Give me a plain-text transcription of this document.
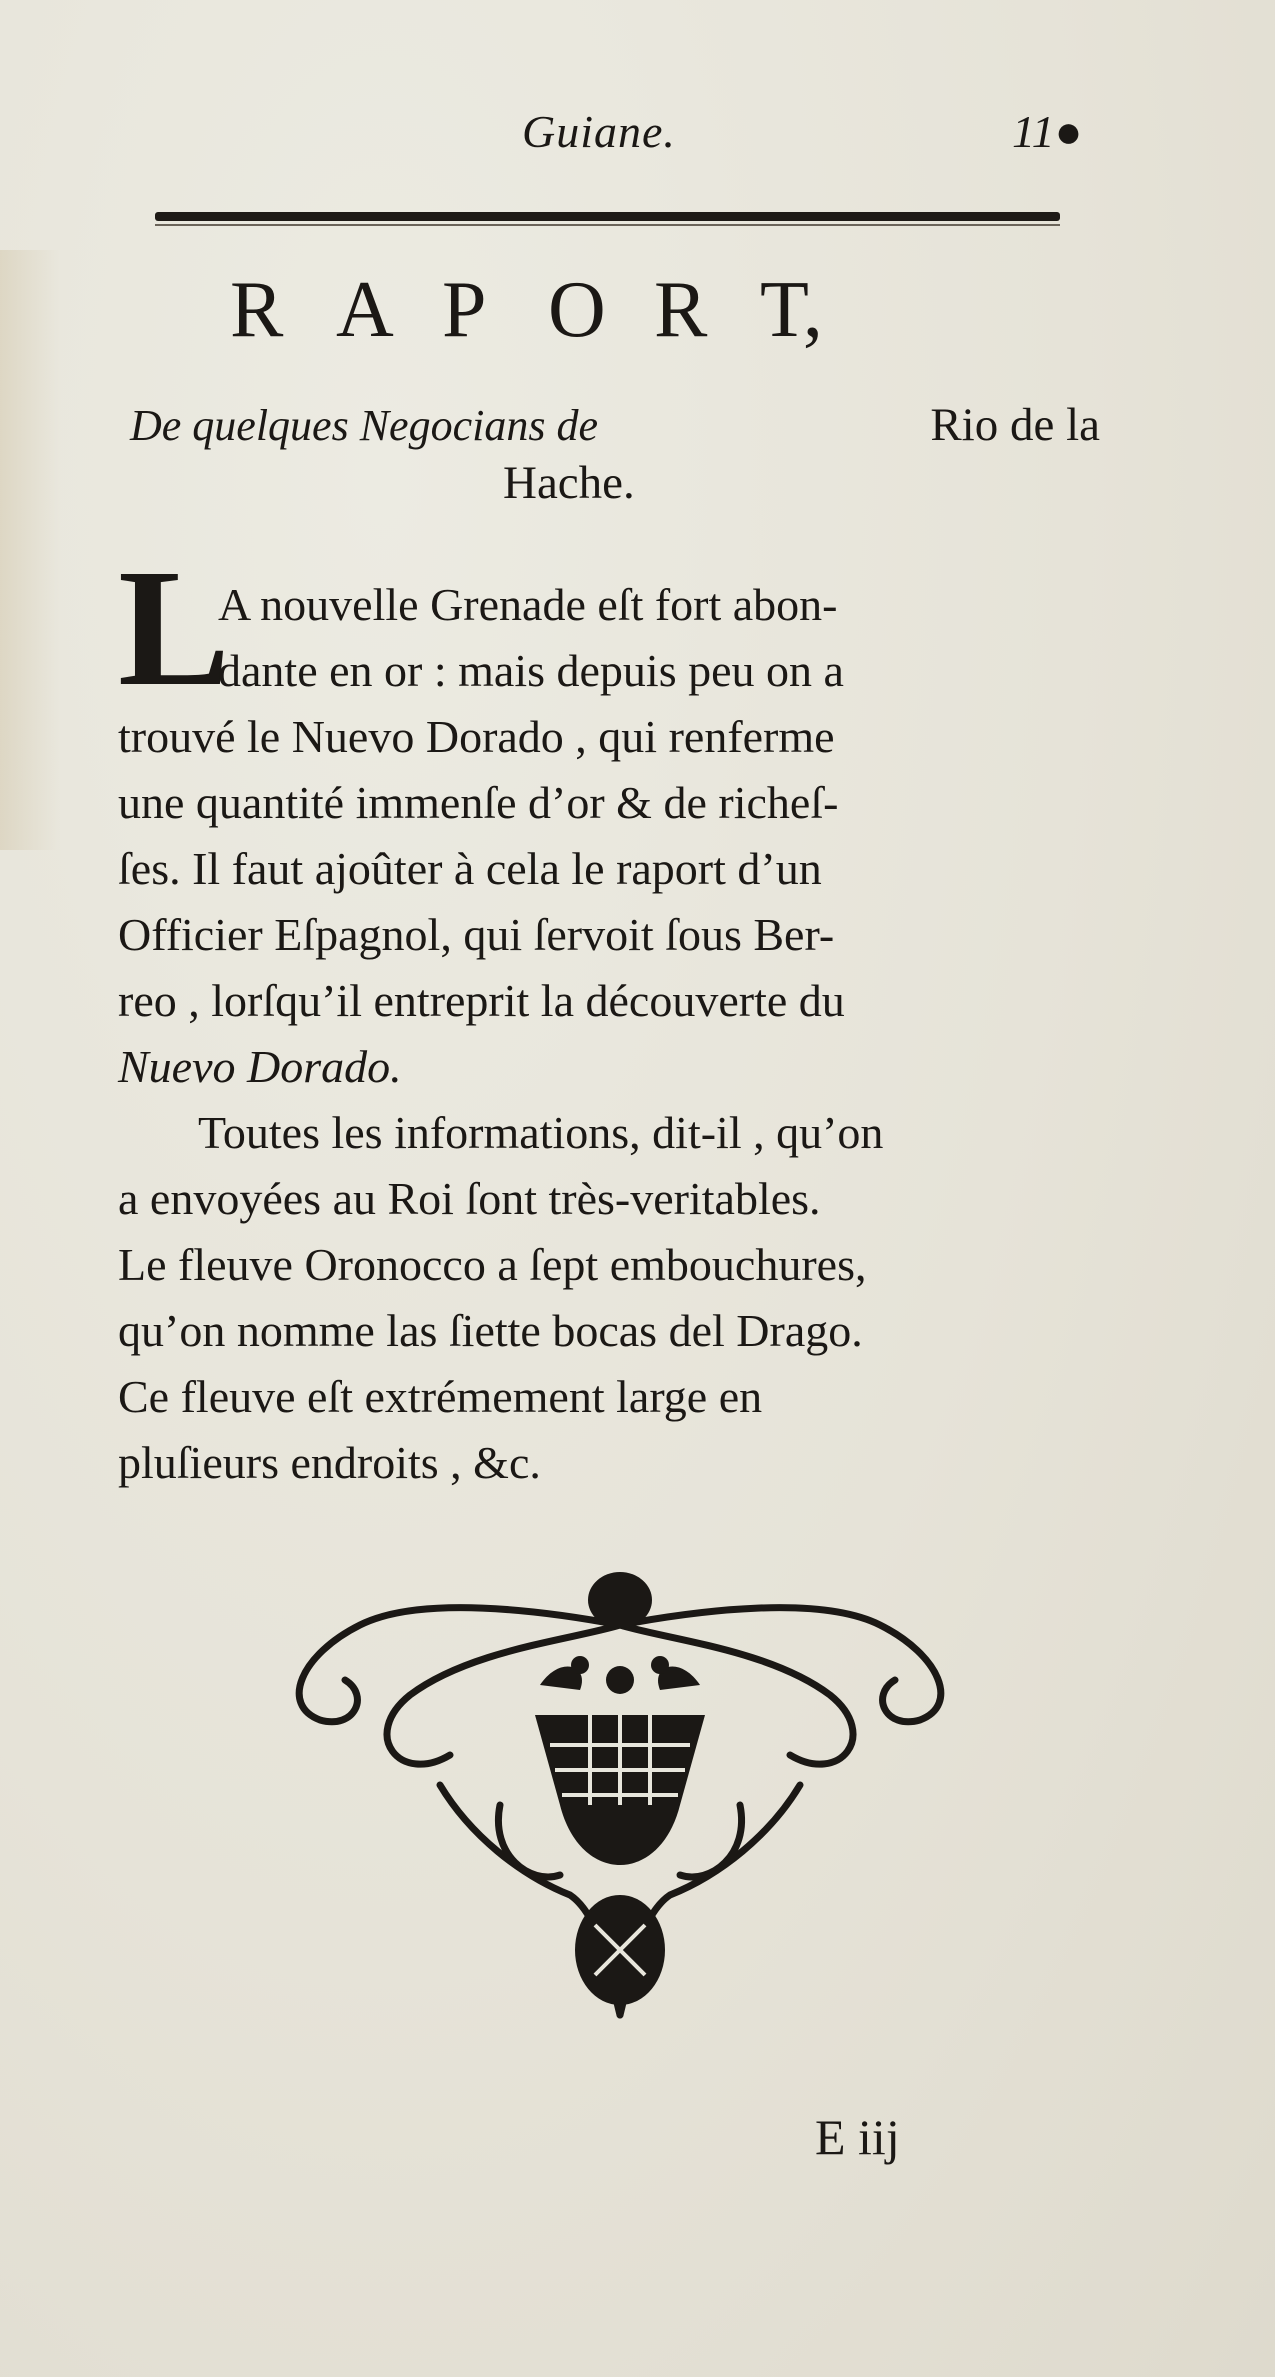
Guiane.	11●
R A P O R T,
De quelques Negocians de	Rio de la
Hache.
L
A nouvelle Grenade eſt fort abon-
dante en or : mais depuis peu on a
trouvé le Nuevo Dorado , qui renferme
une quantité immenſe d’or & de richeſ-
ſes. Il faut ajoûter à cela le raport d’un
Officier Eſpagnol, qui ſervoit ſous Ber-
reo , lorſqu’il entreprit la découverte du
Nuevo Dorado.
Toutes les informations, dit-il , qu’on
a envoyées au Roi ſont très-veritables.
Le fleuve Oronocco a ſept embouchures,
qu’on nomme las ſiette bocas del Drago.
Ce fleuve eſt extrémement large en
pluſieurs endroits , &c.
E iij
